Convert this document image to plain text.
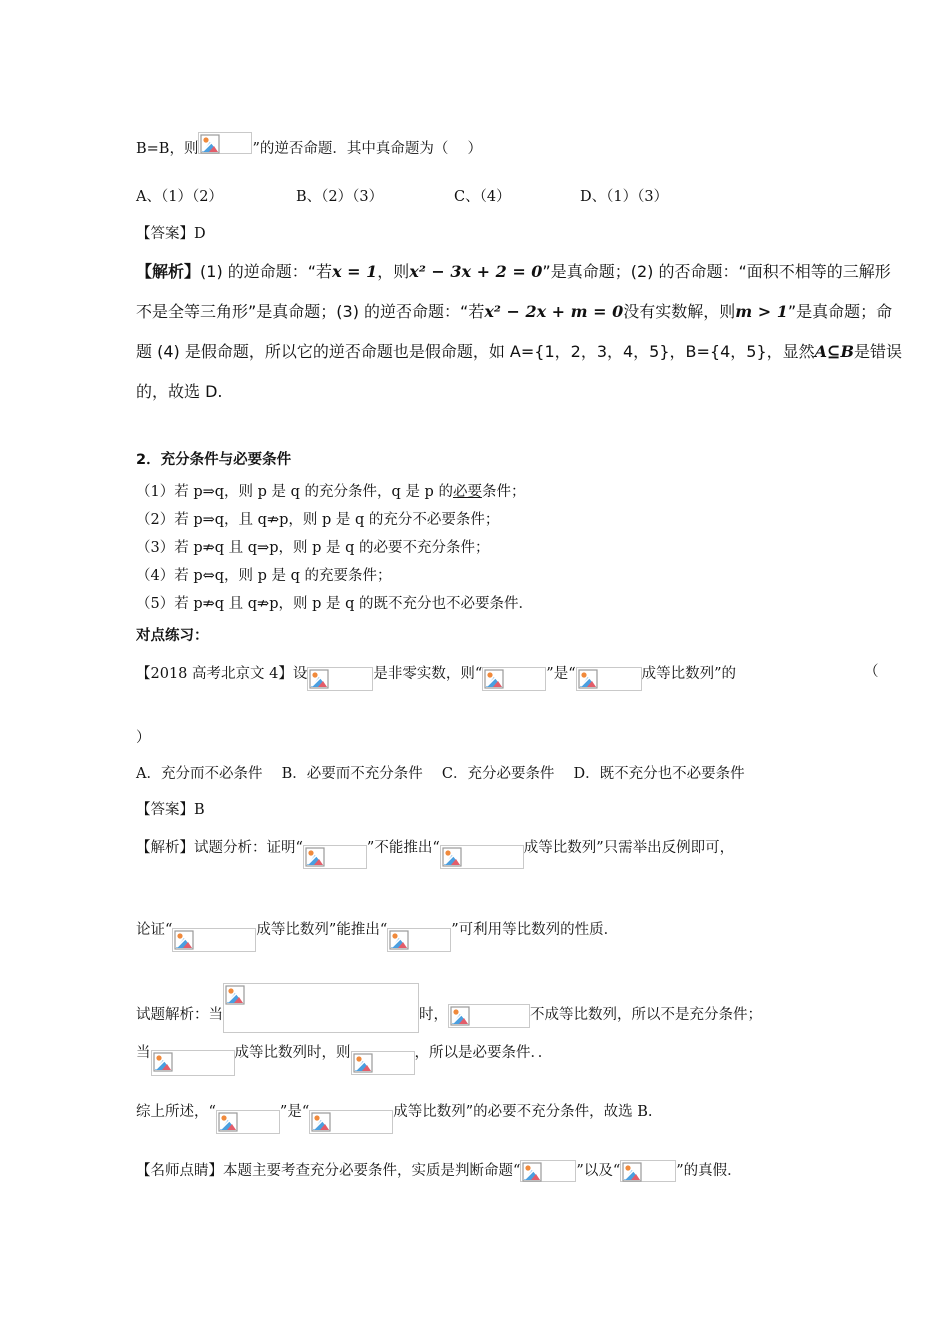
B=B，则	”的逆否命题．其中真命题为（　 ）
A、（1）（2）	B、（2）（3）	C、（4）	D、（1）（3）
【答案】D
【解析】(1) 的逆命题：“若x = 1，则x² − 3x + 2 = 0”是真命题；(2) 的否命题：“面积不相等的三解形
不是全等三角形”是真命题；(3) 的逆否命题：“若x² − 2x + m = 0没有实数解，则m > 1”是真命题；命
题 (4) 是假命题，所以它的逆否命题也是假命题，如 A={1，2，3，4，5}，B={4，5}，显然A⊆B是错误
的，故选 D.
2．充分条件与必要条件
（1）若 p⇒q，则 p 是 q 的充分条件，q 是 p 的必要条件；
（2）若 p⇒q，且 q⇏p，则 p 是 q 的充分不必要条件；
（3）若 p⇏q 且 q⇒p，则 p 是 q 的必要不充分条件；
（4）若 p⇔q，则 p 是 q 的充要条件；
（5）若 p⇏q 且 q⇏p，则 p 是 q 的既不充分也不必要条件．
对点练习：
【2018 高考北京文 4】设	是非零实数，则“	”是“	成等比数列”的	（
）
A．充分而不必条件　 B．必要而不充分条件　 C．充分必要条件　 D．既不充分也不必要条件
【答案】B
【解析】试题分析：证明“	”不能推出“	成等比数列”只需举出反例即可，
论证“	成等比数列”能推出“	”可利用等比数列的性质．
试题解析：当	时，	不成等比数列，所以不是充分条件；
当	成等比数列时，则	，所以是必要条件．．
综上所述，“	”是“	成等比数列”的必要不充分条件，故选 B.
【名师点睛】本题主要考查充分必要条件，实质是判断命题“	”以及“	”的真假．
